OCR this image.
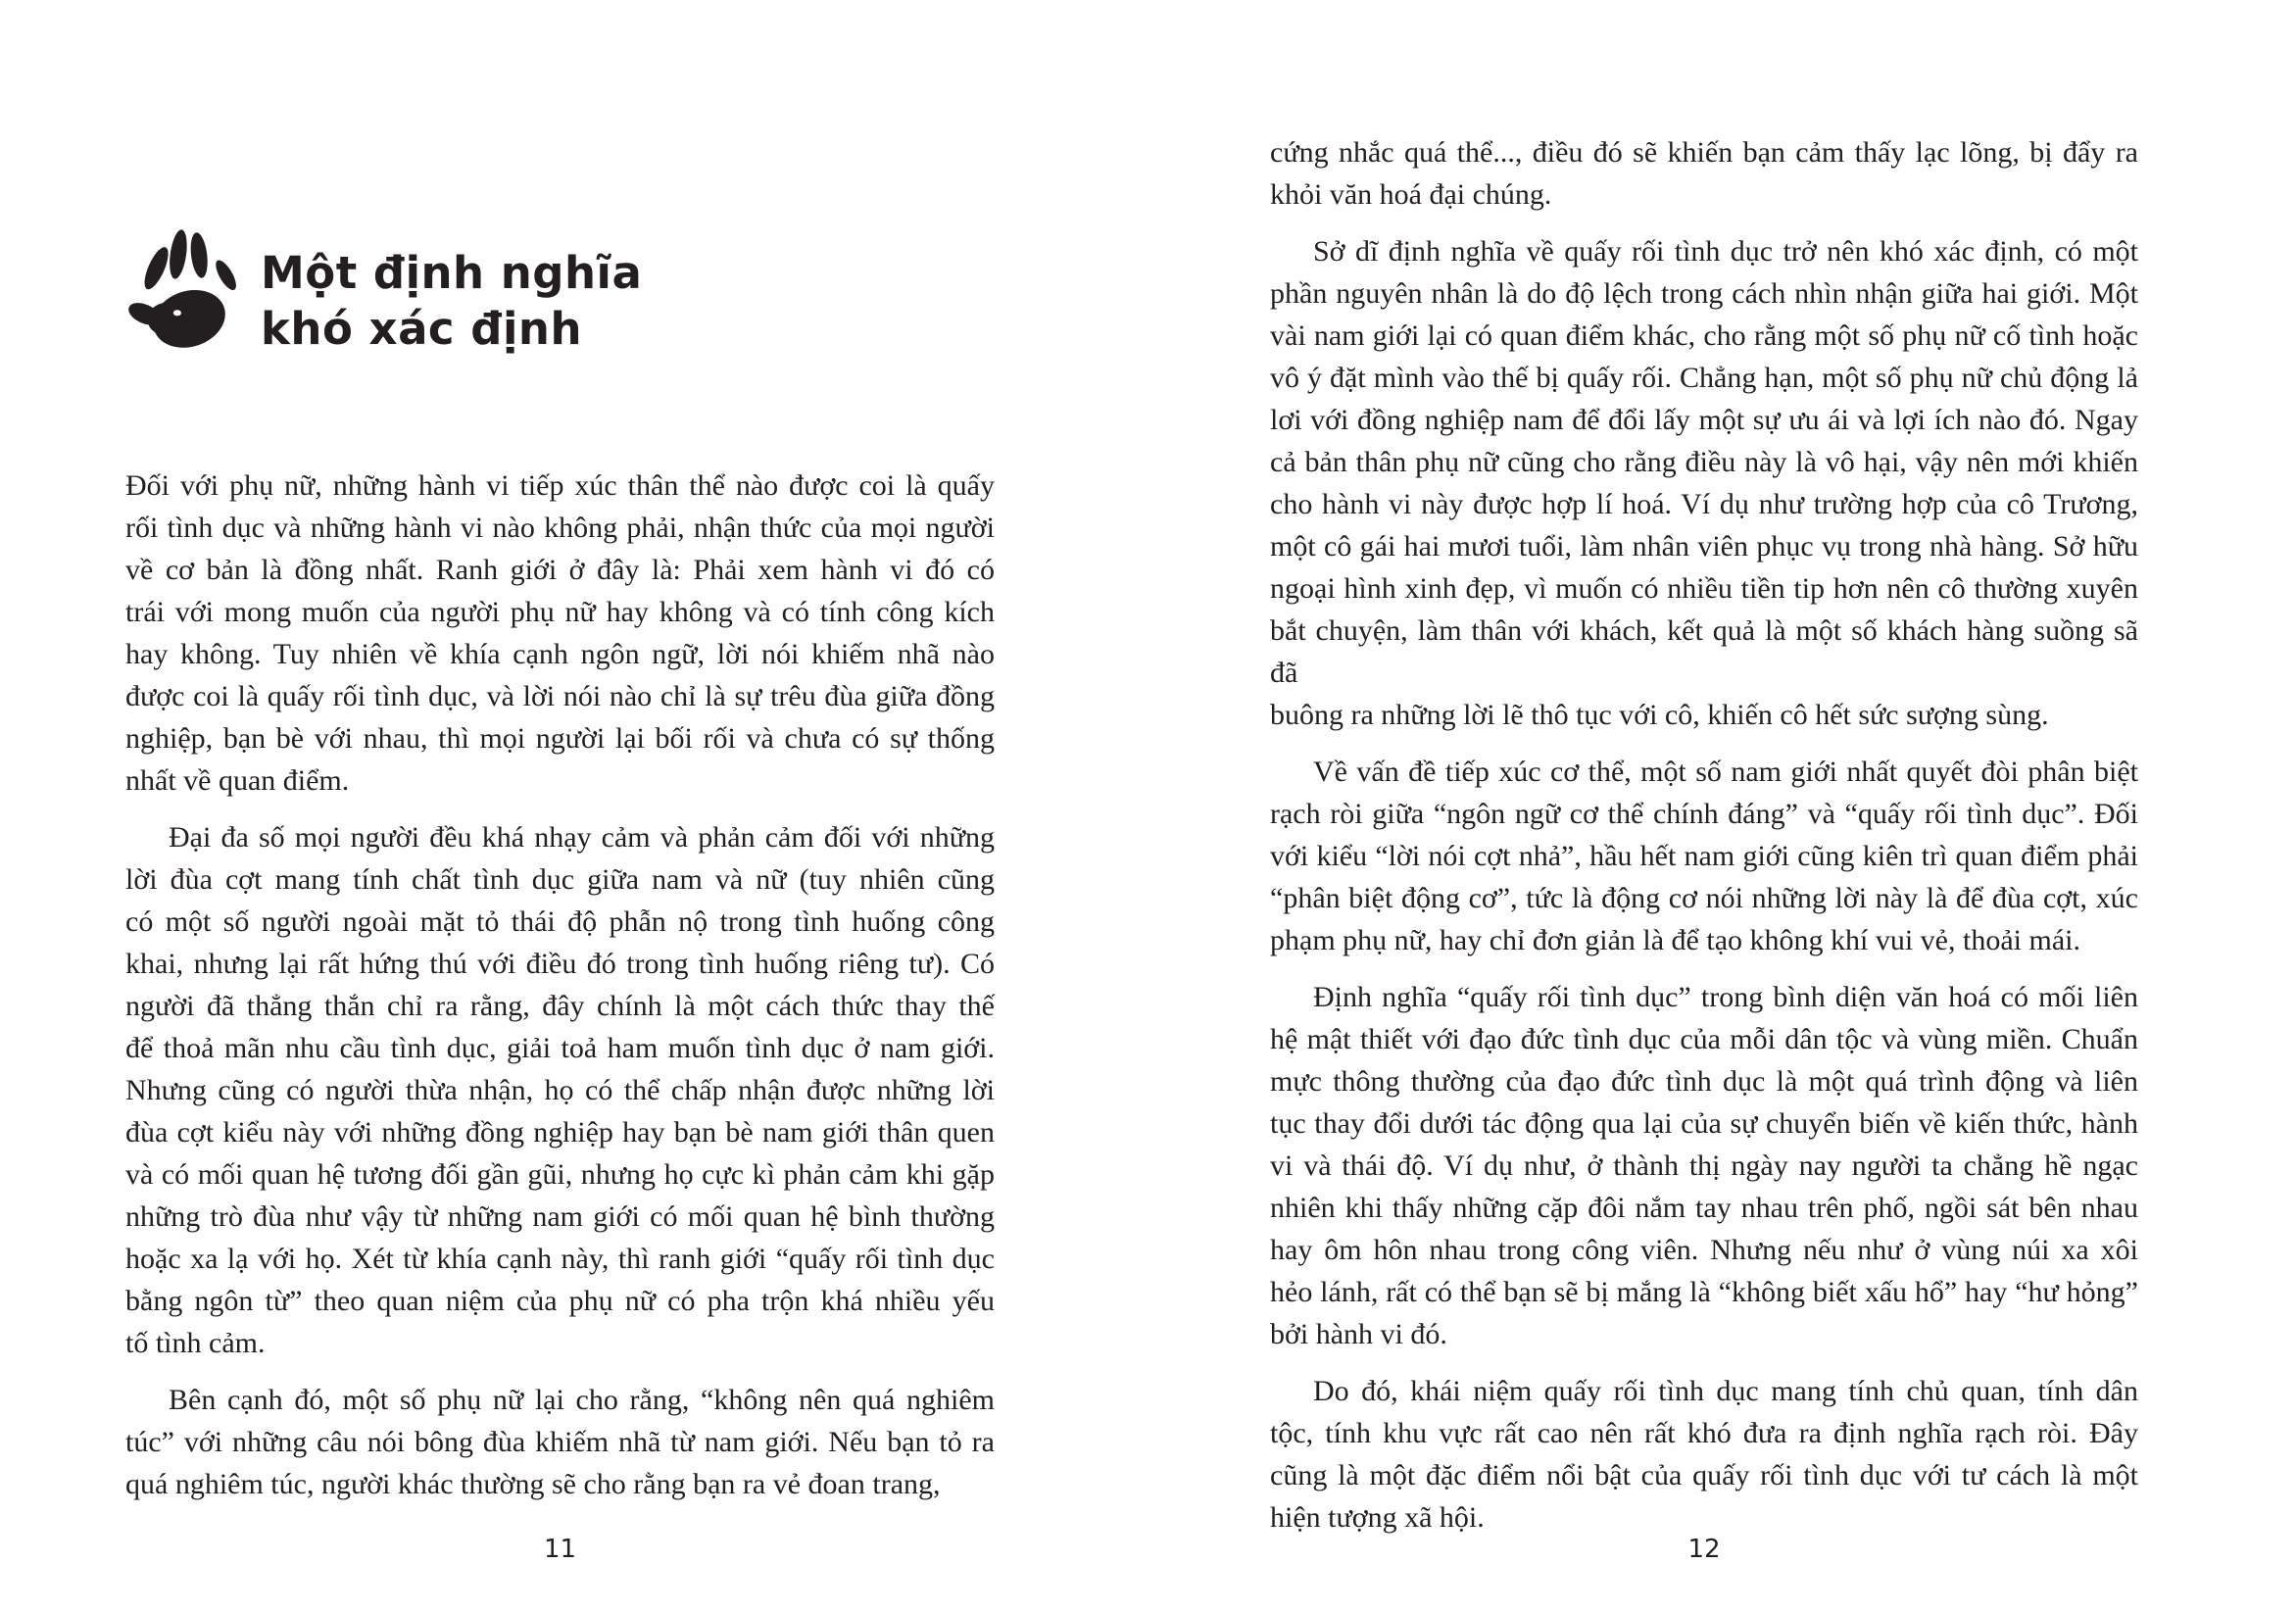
Một định nghĩa
khó xác định
Đối với phụ nữ, những hành vi tiếp xúc thân thể nào được coi là quấy
rối tình dục và những hành vi nào không phải, nhận thức của mọi người
về cơ bản là đồng nhất. Ranh giới ở đây là: Phải xem hành vi đó có
trái với mong muốn của người phụ nữ hay không và có tính công kích
hay không. Tuy nhiên về khía cạnh ngôn ngữ, lời nói khiếm nhã nào
được coi là quấy rối tình dục, và lời nói nào chỉ là sự trêu đùa giữa đồng
nghiệp, bạn bè với nhau, thì mọi người lại bối rối và chưa có sự thống
nhất về quan điểm.
Đại đa số mọi người đều khá nhạy cảm và phản cảm đối với những
lời đùa cợt mang tính chất tình dục giữa nam và nữ (tuy nhiên cũng
có một số người ngoài mặt tỏ thái độ phẫn nộ trong tình huống công
khai, nhưng lại rất hứng thú với điều đó trong tình huống riêng tư). Có
người đã thẳng thắn chỉ ra rằng, đây chính là một cách thức thay thế
để thoả mãn nhu cầu tình dục, giải toả ham muốn tình dục ở nam giới.
Nhưng cũng có người thừa nhận, họ có thể chấp nhận được những lời
đùa cợt kiểu này với những đồng nghiệp hay bạn bè nam giới thân quen
và có mối quan hệ tương đối gần gũi, nhưng họ cực kì phản cảm khi gặp
những trò đùa như vậy từ những nam giới có mối quan hệ bình thường
hoặc xa lạ với họ. Xét từ khía cạnh này, thì ranh giới “quấy rối tình dục
bằng ngôn từ” theo quan niệm của phụ nữ có pha trộn khá nhiều yếu
tố tình cảm.
Bên cạnh đó, một số phụ nữ lại cho rằng, “không nên quá nghiêm
túc” với những câu nói bông đùa khiếm nhã từ nam giới. Nếu bạn tỏ ra
quá nghiêm túc, người khác thường sẽ cho rằng bạn ra vẻ đoan trang,
11
cứng nhắc quá thể..., điều đó sẽ khiến bạn cảm thấy lạc lõng, bị đẩy ra
khỏi văn hoá đại chúng.
Sở dĩ định nghĩa về quấy rối tình dục trở nên khó xác định, có một
phần nguyên nhân là do độ lệch trong cách nhìn nhận giữa hai giới. Một
vài nam giới lại có quan điểm khác, cho rằng một số phụ nữ cố tình hoặc
vô ý đặt mình vào thế bị quấy rối. Chẳng hạn, một số phụ nữ chủ động lả
lơi với đồng nghiệp nam để đổi lấy một sự ưu ái và lợi ích nào đó. Ngay
cả bản thân phụ nữ cũng cho rằng điều này là vô hại, vậy nên mới khiến
cho hành vi này được hợp lí hoá. Ví dụ như trường hợp của cô Trương,
một cô gái hai mươi tuổi, làm nhân viên phục vụ trong nhà hàng. Sở hữu
ngoại hình xinh đẹp, vì muốn có nhiều tiền tip hơn nên cô thường xuyên
bắt chuyện, làm thân với khách, kết quả là một số khách hàng suồng sã đã
buông ra những lời lẽ thô tục với cô, khiến cô hết sức sượng sùng.
Về vấn đề tiếp xúc cơ thể, một số nam giới nhất quyết đòi phân biệt
rạch ròi giữa “ngôn ngữ cơ thể chính đáng” và “quấy rối tình dục”. Đối
với kiểu “lời nói cợt nhả”, hầu hết nam giới cũng kiên trì quan điểm phải
“phân biệt động cơ”, tức là động cơ nói những lời này là để đùa cợt, xúc
phạm phụ nữ, hay chỉ đơn giản là để tạo không khí vui vẻ, thoải mái.
Định nghĩa “quấy rối tình dục” trong bình diện văn hoá có mối liên
hệ mật thiết với đạo đức tình dục của mỗi dân tộc và vùng miền. Chuẩn
mực thông thường của đạo đức tình dục là một quá trình động và liên
tục thay đổi dưới tác động qua lại của sự chuyển biến về kiến thức, hành
vi và thái độ. Ví dụ như, ở thành thị ngày nay người ta chẳng hề ngạc
nhiên khi thấy những cặp đôi nắm tay nhau trên phố, ngồi sát bên nhau
hay ôm hôn nhau trong công viên. Nhưng nếu như ở vùng núi xa xôi
hẻo lánh, rất có thể bạn sẽ bị mắng là “không biết xấu hổ” hay “hư hỏng”
bởi hành vi đó.
Do đó, khái niệm quấy rối tình dục mang tính chủ quan, tính dân
tộc, tính khu vực rất cao nên rất khó đưa ra định nghĩa rạch ròi. Đây
cũng là một đặc điểm nổi bật của quấy rối tình dục với tư cách là một
hiện tượng xã hội.
12
